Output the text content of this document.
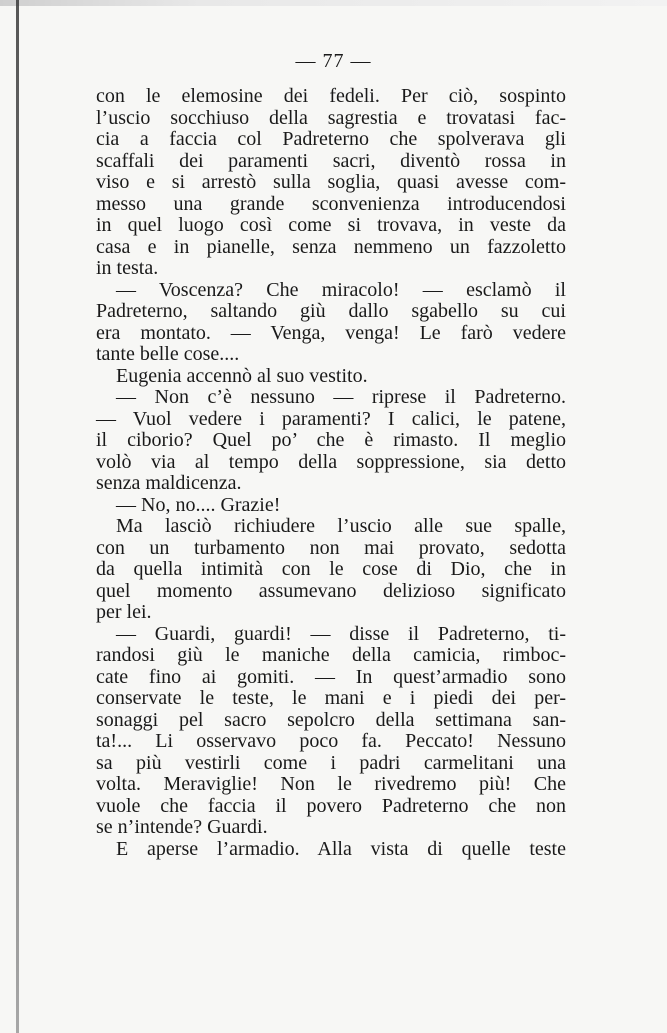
— 77 —
con le elemosine dei fedeli. Per ciò, sospinto
l’uscio socchiuso della sagrestia e trovatasi fac-
cia a faccia col Padreterno che spolverava gli
scaffali dei paramenti sacri, diventò rossa in
viso e si arrestò sulla soglia, quasi avesse com-
messo una grande sconvenienza introducendosi
in quel luogo così come si trovava, in veste da
casa e in pianelle, senza nemmeno un fazzoletto
in testa.
— Voscenza? Che miracolo! — esclamò il
Padreterno, saltando giù dallo sgabello su cui
era montato. — Venga, venga! Le farò vedere
tante belle cose....
Eugenia accennò al suo vestito.
— Non c’è nessuno — riprese il Padreterno.
— Vuol vedere i paramenti? I calici, le patene,
il ciborio? Quel po’ che è rimasto. Il meglio
volò via al tempo della soppressione, sia detto
senza maldicenza.
— No, no.... Grazie!
Ma lasciò richiudere l’uscio alle sue spalle,
con un turbamento non mai provato, sedotta
da quella intimità con le cose di Dio, che in
quel momento assumevano delizioso significato
per lei.
— Guardi, guardi! — disse il Padreterno, ti-
randosi giù le maniche della camicia, rimboc-
cate fino ai gomiti. — In quest’armadio sono
conservate le teste, le mani e i piedi dei per-
sonaggi pel sacro sepolcro della settimana san-
ta!... Li osservavo poco fa. Peccato! Nessuno
sa più vestirli come i padri carmelitani una
volta. Meraviglie! Non le rivedremo più! Che
vuole che faccia il povero Padreterno che non
se n’intende? Guardi.
E aperse l’armadio. Alla vista di quelle teste
